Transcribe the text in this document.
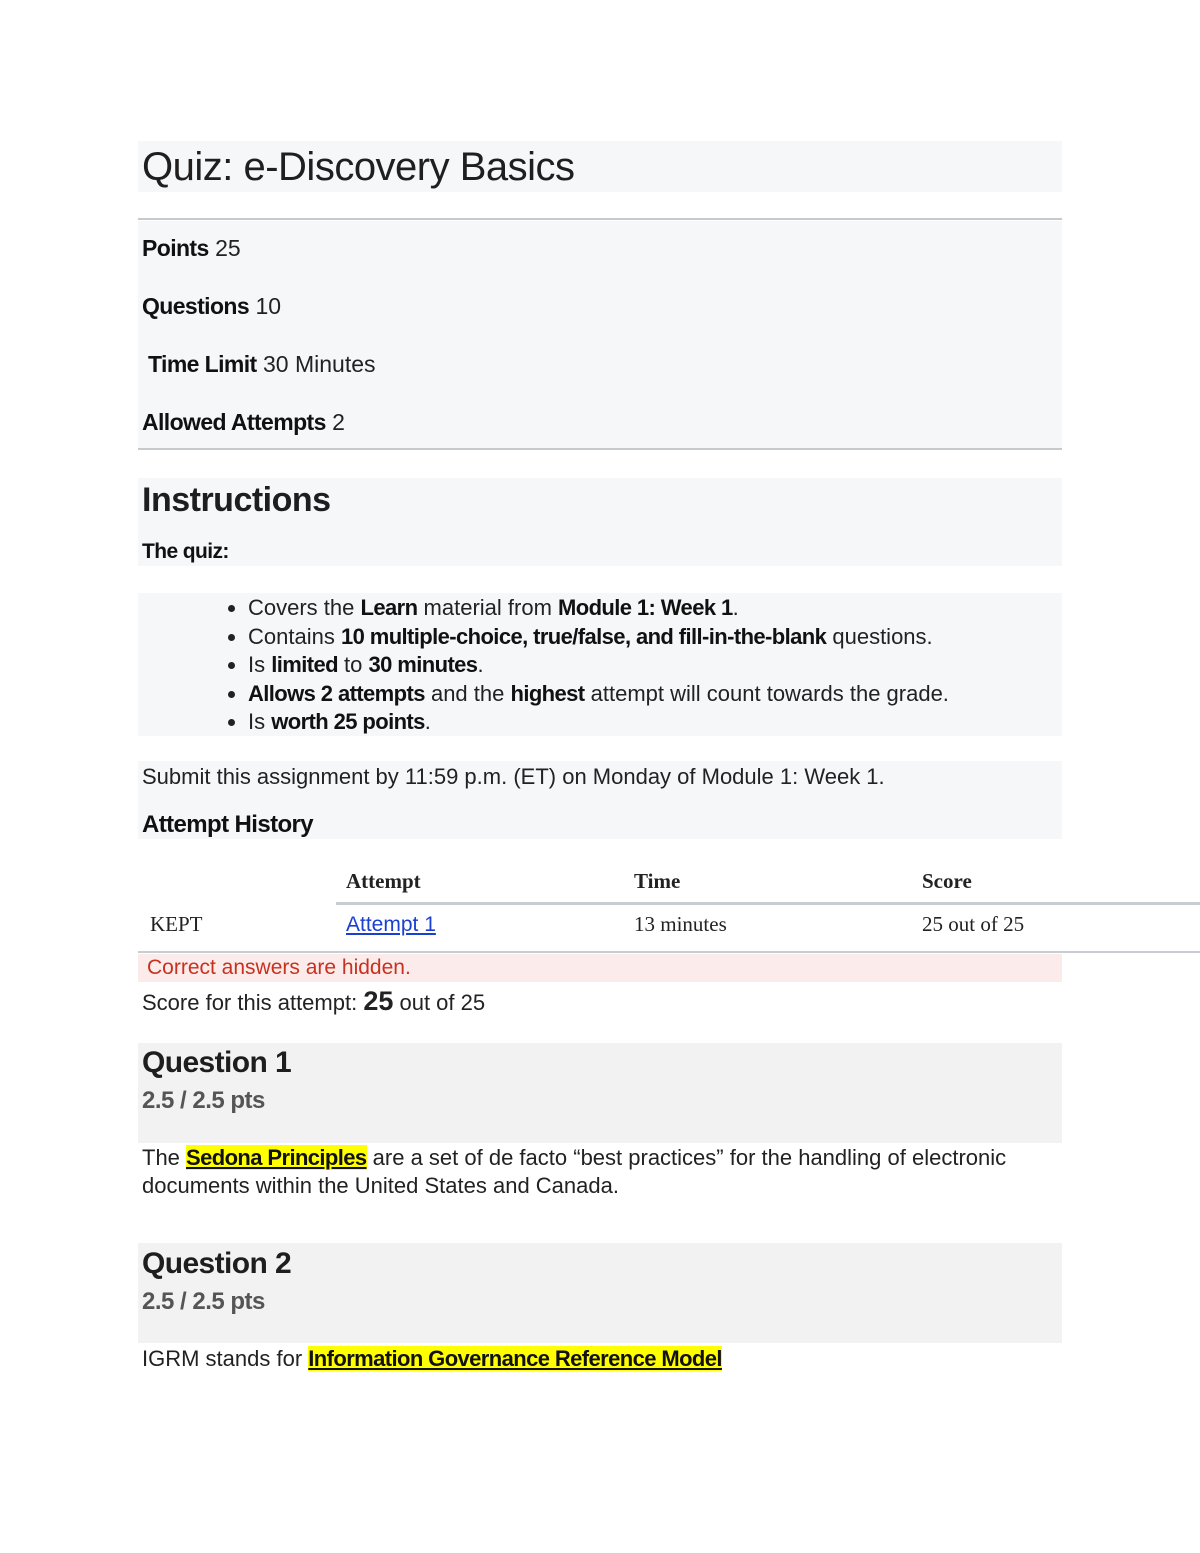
Quiz: e-Discovery Basics
Points 25
Questions 10
Time Limit 30 Minutes
Allowed Attempts 2
Instructions
The quiz:
• Covers the Learn material from Module 1: Week 1.
• Contains 10 multiple-choice, true/false, and fill-in-the-blank questions.
• Is limited to 30 minutes.
• Allows 2 attempts and the highest attempt will count towards the grade.
• Is worth 25 points.
Submit this assignment by 11:59 p.m. (ET) on Monday of Module 1: Week 1.
Attempt History
	Attempt	Time	Score
KEPT	Attempt 1	13 minutes	25 out of 25
Correct answers are hidden.
Score for this attempt: 25 out of 25
Question 1
2.5 / 2.5 pts
The Sedona Principles are a set of de facto “best practices” for the handling of electronic documents within the United States and Canada.
Question 2
2.5 / 2.5 pts
IGRM stands for Information Governance Reference Model
